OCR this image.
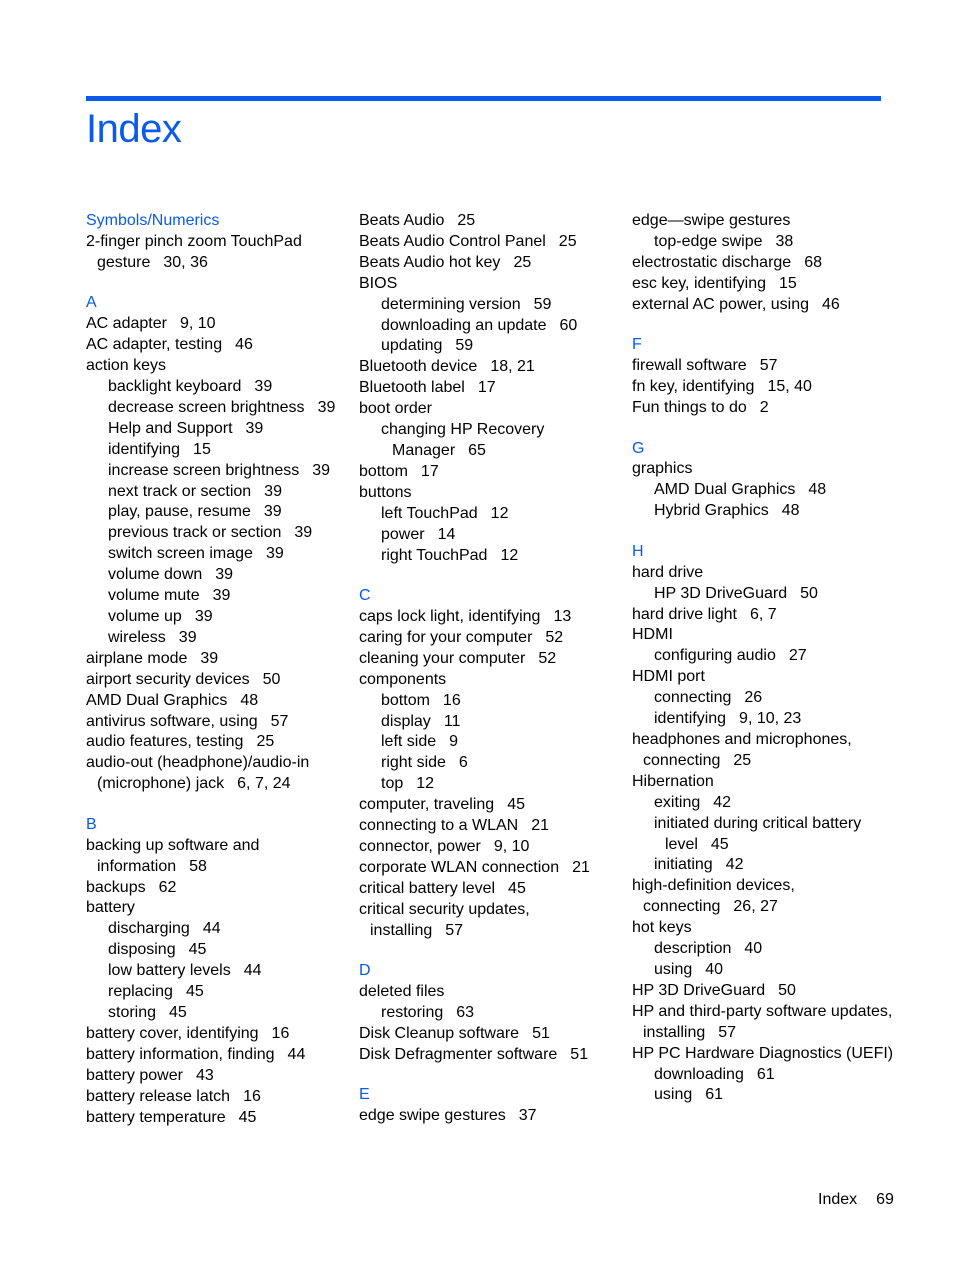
Index
Symbols/Numerics
2-finger pinch zoom TouchPad gesture 30, 36
A
AC adapter 9, 10
AC adapter, testing 46
action keys
backlight keyboard 39
decrease screen brightness 39
Help and Support 39
identifying 15
increase screen brightness 39
next track or section 39
play, pause, resume 39
previous track or section 39
switch screen image 39
volume down 39
volume mute 39
volume up 39
wireless 39
airplane mode 39
airport security devices 50
AMD Dual Graphics 48
antivirus software, using 57
audio features, testing 25
audio-out (headphone)/audio-in (microphone) jack 6, 7, 24
B
backing up software and information 58
backups 62
battery
discharging 44
disposing 45
low battery levels 44
replacing 45
storing 45
battery cover, identifying 16
battery information, finding 44
battery power 43
battery release latch 16
battery temperature 45
Beats Audio 25
Beats Audio Control Panel 25
Beats Audio hot key 25
BIOS
determining version 59
downloading an update 60
updating 59
Bluetooth device 18, 21
Bluetooth label 17
boot order
changing HP Recovery Manager 65
bottom 17
buttons
left TouchPad 12
power 14
right TouchPad 12
C
caps lock light, identifying 13
caring for your computer 52
cleaning your computer 52
components
bottom 16
display 11
left side 9
right side 6
top 12
computer, traveling 45
connecting to a WLAN 21
connector, power 9, 10
corporate WLAN connection 21
critical battery level 45
critical security updates, installing 57
D
deleted files
restoring 63
Disk Cleanup software 51
Disk Defragmenter software 51
E
edge swipe gestures 37
edge—swipe gestures
top-edge swipe 38
electrostatic discharge 68
esc key, identifying 15
external AC power, using 46
F
firewall software 57
fn key, identifying 15, 40
Fun things to do 2
G
graphics
AMD Dual Graphics 48
Hybrid Graphics 48
H
hard drive
HP 3D DriveGuard 50
hard drive light 6, 7
HDMI
configuring audio 27
HDMI port
connecting 26
identifying 9, 10, 23
headphones and microphones, connecting 25
Hibernation
exiting 42
initiated during critical battery level 45
initiating 42
high-definition devices, connecting 26, 27
hot keys
description 40
using 40
HP 3D DriveGuard 50
HP and third-party software updates, installing 57
HP PC Hardware Diagnostics (UEFI)
downloading 61
using 61
Index 69
